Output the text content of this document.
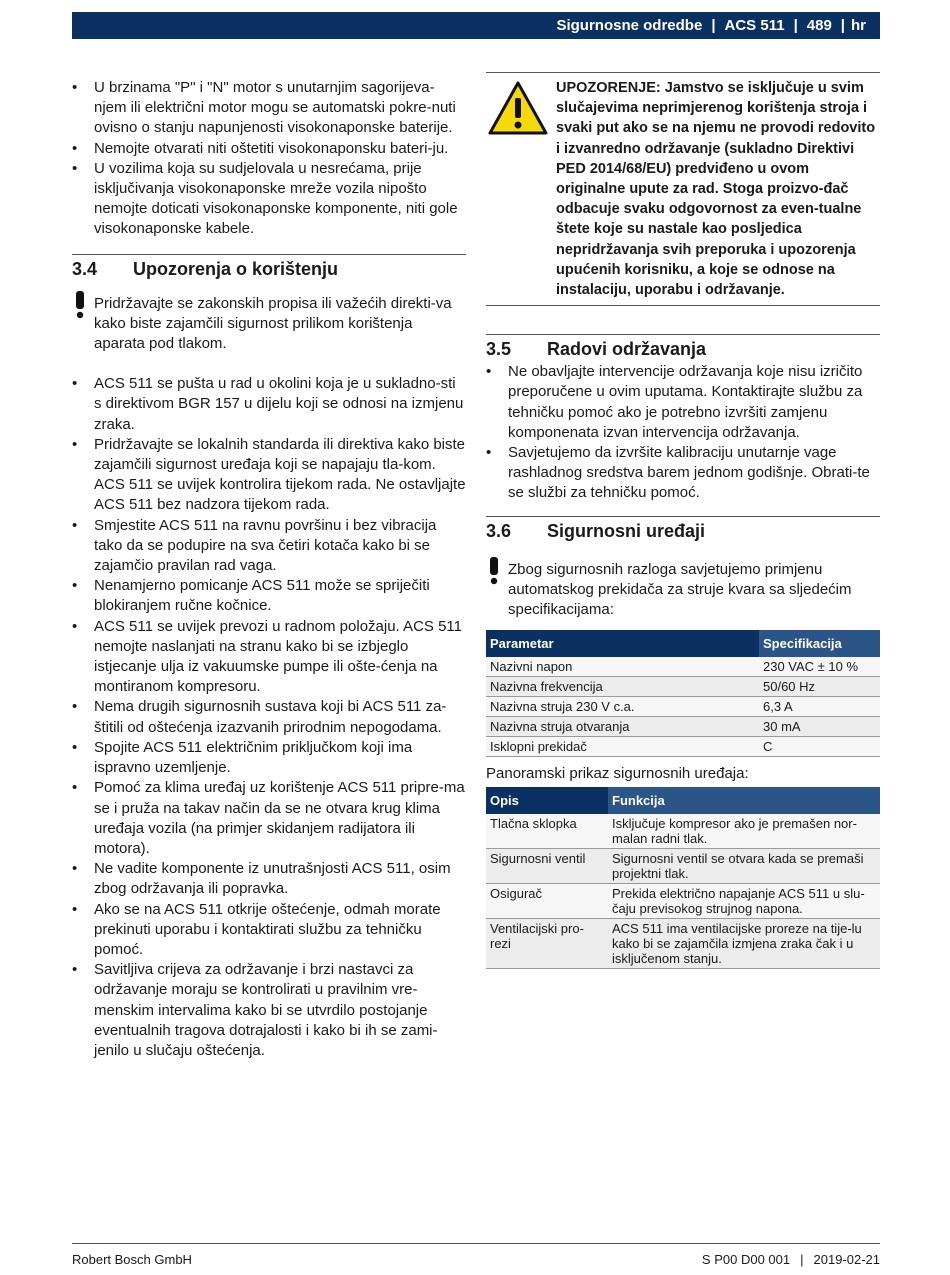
Sigurnosne odredbe | ACS 511 | 489 | hr
• U brzinama "P" i "N" motor s unutarnjim sagorijeva-njem ili električni motor mogu se automatski pokre-nuti ovisno o stanju napunjenosti visokonaponske baterije.
• Nemojte otvarati niti oštetiti visokonaponsku bateri-ju.
• U vozilima koja su sudjelovala u nesrećama, prije isključivanja visokonaponske mreže vozila nipošto nemojte doticati visokonaponske komponente, niti gole visokonaponske kabele.
3.4	Upozorenja o korištenju
Pridržavajte se zakonskih propisa ili važećih direkti-va kako biste zajamčili sigurnost prilikom korištenja aparata pod tlakom.
• ACS 511 se pušta u rad u okolini koja je u sukladno-sti s direktivom BGR 157 u dijelu koji se odnosi na izmjenu zraka.
• Pridržavajte se lokalnih standarda ili direktiva kako biste zajamčili sigurnost uređaja koji se napajaju tla-kom. ACS 511 se uvijek kontrolira tijekom rada. Ne ostavljajte ACS 511 bez nadzora tijekom rada.
• Smjestite ACS 511 na ravnu površinu i bez vibracija tako da se podupire na sva četiri kotača kako bi se zajamčio pravilan rad vaga.
• Nenamjerno pomicanje ACS 511 može se spriječiti blokiranjem ručne kočnice.
• ACS 511 se uvijek prevozi u radnom položaju. ACS 511 nemojte naslanjati na stranu kako bi se izbjeglo istjecanje ulja iz vakuumske pumpe ili ošte-ćenja na montiranom kompresoru.
• Nema drugih sigurnosnih sustava koji bi ACS 511 za-štitili od oštećenja izazvanih prirodnim nepogodama.
• Spojite ACS 511 električnim priključkom koji ima ispravno uzemljenje.
• Pomoć za klima uređaj uz korištenje ACS 511 pripre-ma se i pruža na takav način da se ne otvara krug klima uređaja vozila (na primjer skidanjem radijatora ili motora).
• Ne vadite komponente iz unutrašnjosti ACS 511, osim zbog održavanja ili popravka.
• Ako se na ACS 511 otkrije oštećenje, odmah morate prekinuti uporabu i kontaktirati službu za tehničku pomoć.
• Savitljiva crijeva za održavanje i brzi nastavci za održavanje moraju se kontrolirati u pravilnim vre-menskim intervalima kako bi se utvrdilo postojanje eventualnih tragova dotrajalosti i kako bi ih se zami-jenilo u slučaju oštećenja.

UPOZORENJE: Jamstvo se isključuje u svim slučajevima neprimjerenog korištenja stroja i svaki put ako se na njemu ne provodi redovito i izvanredno održavanje (sukladno Direktivi PED 2014/68/EU) predviđeno u ovom originalne upute za rad. Stoga proizvo-đač odbacuje svaku odgovornost za even-tualne štete koje su nastale kao posljedica nepridržavanja svih preporuka i upozorenja upućenih korisniku, a koje se odnose na instalaciju, uporabu i održavanje.

3.5	Radovi održavanja
• Ne obavljajte intervencije održavanja koje nisu izričito preporučene u ovim uputama. Kontaktirajte službu za tehničku pomoć ako je potrebno izvršiti zamjenu komponenata izvan intervencija održavanja.
• Savjetujemo da izvršite kalibraciju unutarnje vage rashladnog sredstva barem jednom godišnje. Obrati-te se službi za tehničku pomoć.
3.6	Sigurnosni uređaji
Zbog sigurnosnih razloga savjetujemo primjenu automatskog prekidača za struje kvara sa sljedećim specifikacijama:
Parametar	Specifikacija
Nazivni napon	230 VAC ± 10 %
Nazivna frekvencija	50/60 Hz
Nazivna struja 230 V c.a.	6,3 A
Nazivna struja otvaranja	30 mA
Isklopni prekidač	C
Panoramski prikaz sigurnosnih uređaja:
Opis	Funkcija
Tlačna sklopka	Isključuje kompresor ako je premašen nor-malan radni tlak.
Sigurnosni ventil	Sigurnosni ventil se otvara kada se premaši projektni tlak.
Osigurač	Prekida električno napajanje ACS 511 u slu-čaju previsokog strujnog napona.
Ventilacijski pro-rezi	ACS 511 ima ventilacijske proreze na tije-lu kako bi se zajamčila izmjena zraka čak i u isključenom stanju.
Robert Bosch GmbH	S P00 D00 001 | 2019-02-21
